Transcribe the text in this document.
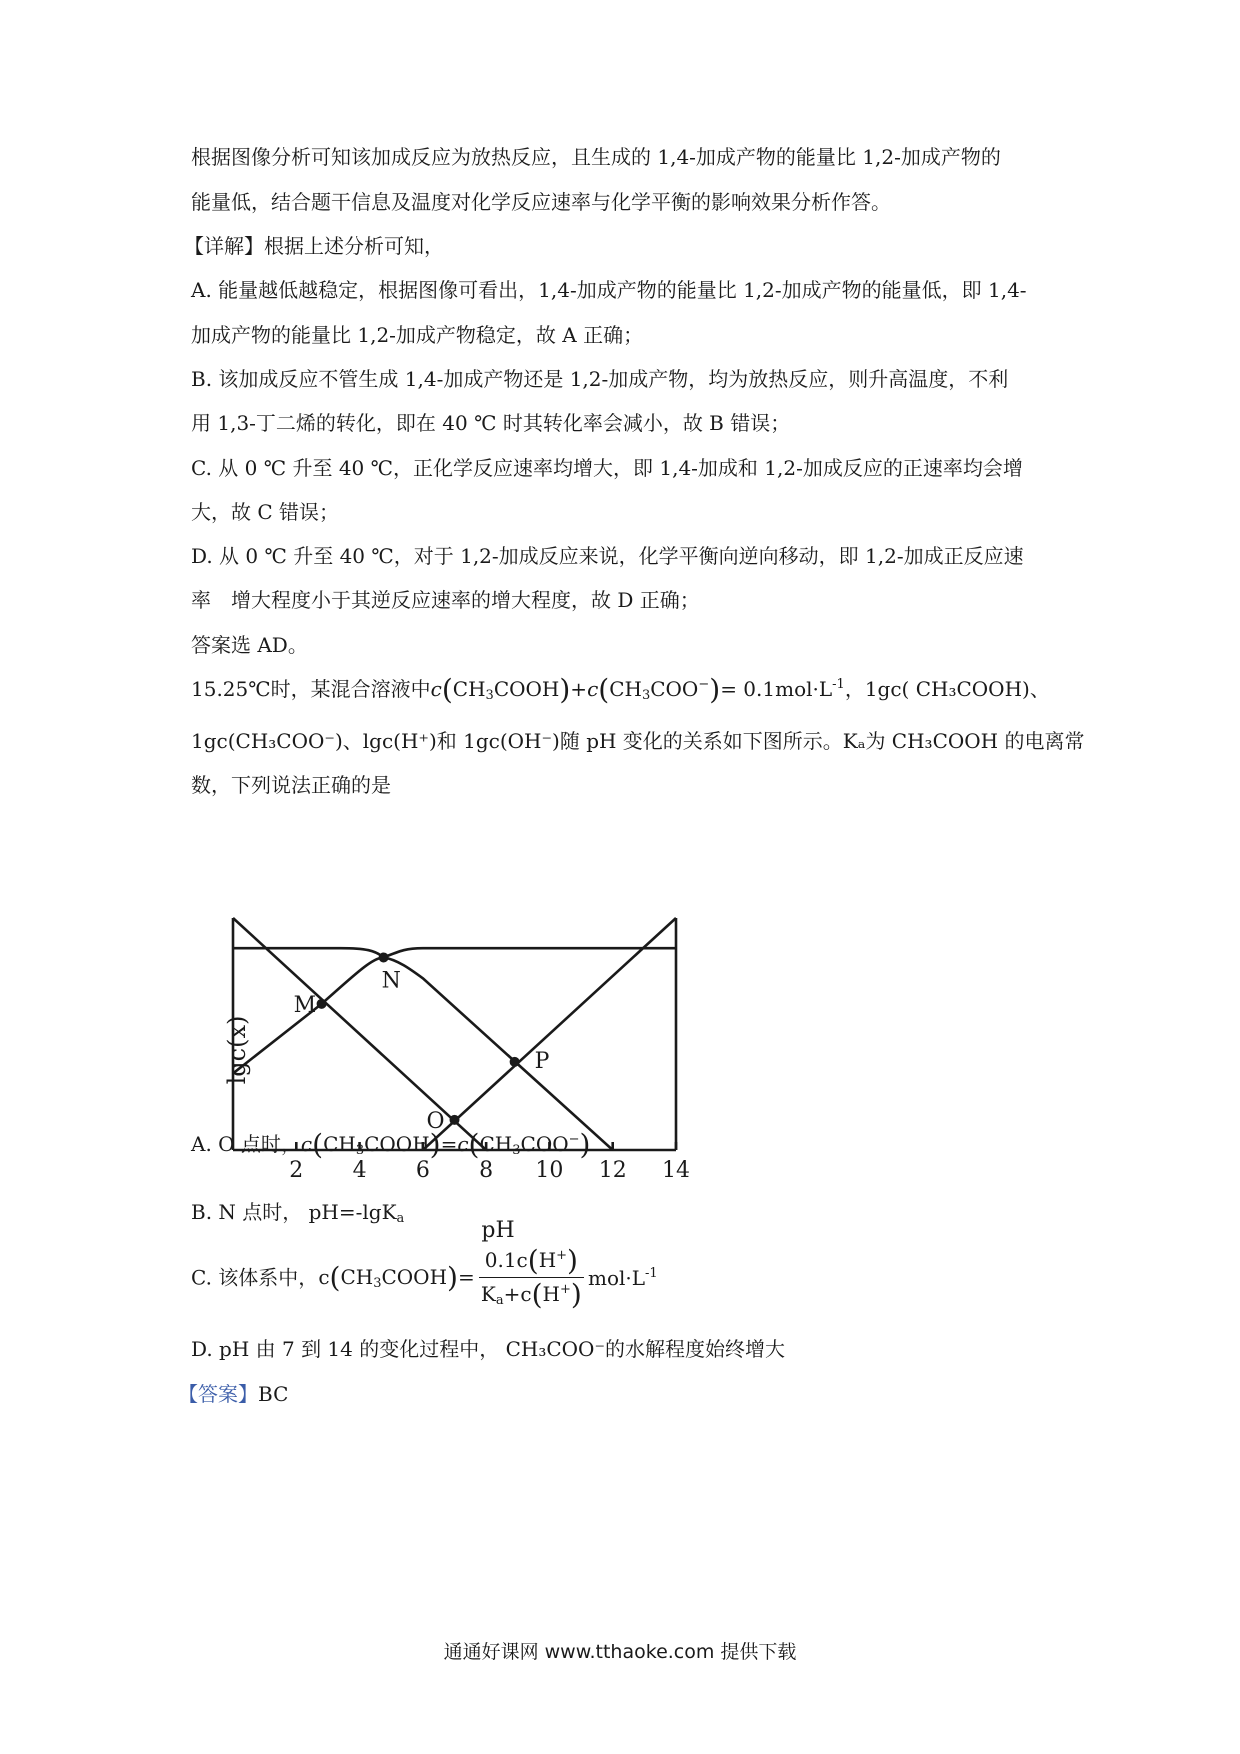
根据图像分析可知该加成反应为放热反应，且生成的 1,4-加成产物的能量比 1,2-加成产物的
能量低，结合题干信息及温度对化学反应速率与化学平衡的影响效果分析作答。
【详解】根据上述分析可知，
A. 能量越低越稳定，根据图像可看出，1,4-加成产物的能量比 1,2-加成产物的能量低，即 1,4-
加成产物的能量比 1,2-加成产物稳定，故 A 正确；
B. 该加成反应不管生成 1,4-加成产物还是 1,2-加成产物，均为放热反应，则升高温度，不利
用 1,3-丁二烯的转化，即在 40 ℃ 时其转化率会减小，故 B 错误；
C. 从 0 ℃ 升至 40 ℃，正化学反应速率均增大，即 1,4-加成和 1,2-加成反应的正速率均会增
大，故 C 错误；
D. 从 0 ℃ 升至 40 ℃，对于 1,2-加成反应来说，化学平衡向逆向移动，即 1,2-加成正反应速
率　增大程度小于其逆反应速率的增大程度，故 D 正确；
答案选 AD。
15.25℃时，某混合溶液中$c(CH_3COOH)+c(CH_3COO^-)= 0.1mol\cdot L^{-1}$，1gc( CH₃COOH)、
1gc(CH₃COO⁻)、lgc(H⁺)和 1gc(OH⁻)随 pH 变化的关系如下图所示。Kₐ为 CH₃COOH 的电离常
数，下列说法正确的是
2 4 6 8 10 12 14
M
N
O
P
lgc(x)
pH
A. O 点时，$c(CH_3COOH)=c(CH_3COO^-)$
B. N 点时， pH=-lgK$_a$
C. 该体系中，$c(CH_3COOH)= \frac{0.1c(H^+)}{K_a+c(H^+)} mol\cdot L^{-1}$
D. pH 由 7 到 14 的变化过程中， CH₃COO⁻的水解程度始终增大
【答案】BC
通通好课网 www.tthaoke.com 提供下载
